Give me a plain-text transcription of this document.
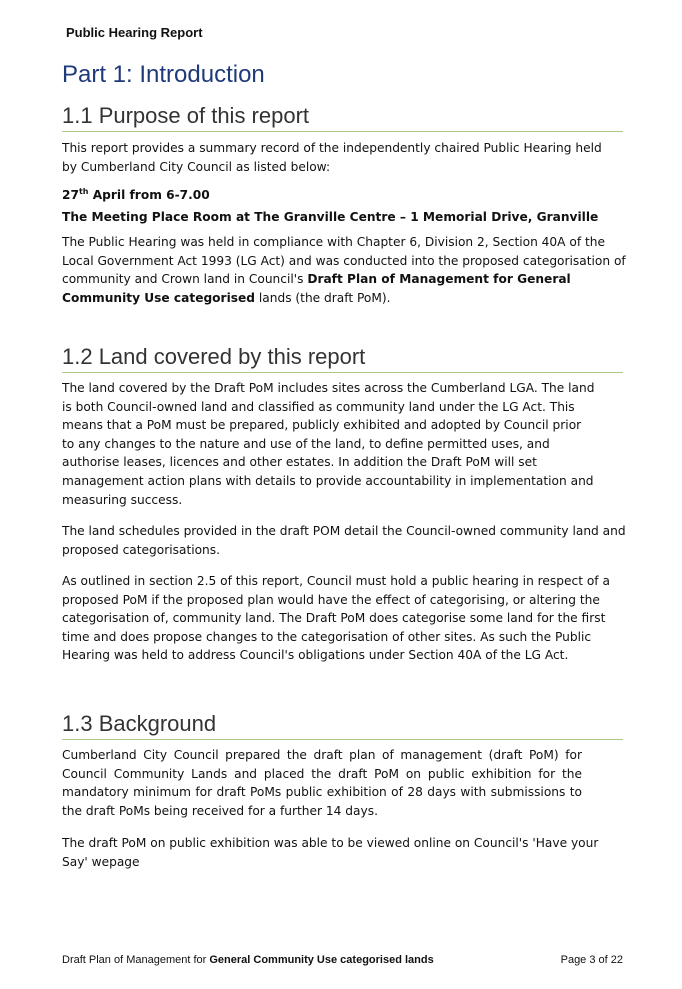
Public Hearing Report
Part 1: Introduction
1.1 Purpose of this report

This report provides a summary record of the independently chaired Public Hearing held by Cumberland City Council as listed below:

27th April from 6-7.00

The Meeting Place Room at The Granville Centre – 1 Memorial Drive, Granville

The Public Hearing was held in compliance with Chapter 6, Division 2, Section 40A of the Local Government Act 1993 (LG Act) and was conducted into the proposed categorisation of community and Crown land in Council's Draft Plan of Management for General Community Use categorised lands (the draft PoM).

1.2 Land covered by this report

The land covered by the Draft PoM includes sites across the Cumberland LGA. The land is both Council-owned land and classified as community land under the LG Act. This means that a PoM must be prepared, publicly exhibited and adopted by Council prior to any changes to the nature and use of the land, to define permitted uses, and authorise leases, licences and other estates. In addition the Draft PoM will set management action plans with details to provide accountability in implementation and measuring success.

The land schedules provided in the draft POM detail the Council-owned community land and proposed categorisations.

As outlined in section 2.5 of this report, Council must hold a public hearing in respect of a proposed PoM if the proposed plan would have the effect of categorising, or altering the categorisation of, community land. The Draft PoM does categorise some land for the first time and does propose changes to the categorisation of other sites. As such the Public Hearing was held to address Council's obligations under Section 40A of the LG Act.

1.3 Background

Cumberland City Council prepared the draft plan of management (draft PoM) for Council Community Lands and placed the draft PoM on public exhibition for the mandatory minimum for draft PoMs public exhibition of 28 days with submissions to the draft PoMs being received for a further 14 days.

The draft PoM on public exhibition was able to be viewed online on Council's 'Have your Say' wepage

Draft Plan of Management for General Community Use categorised lands	Page 3 of 22
